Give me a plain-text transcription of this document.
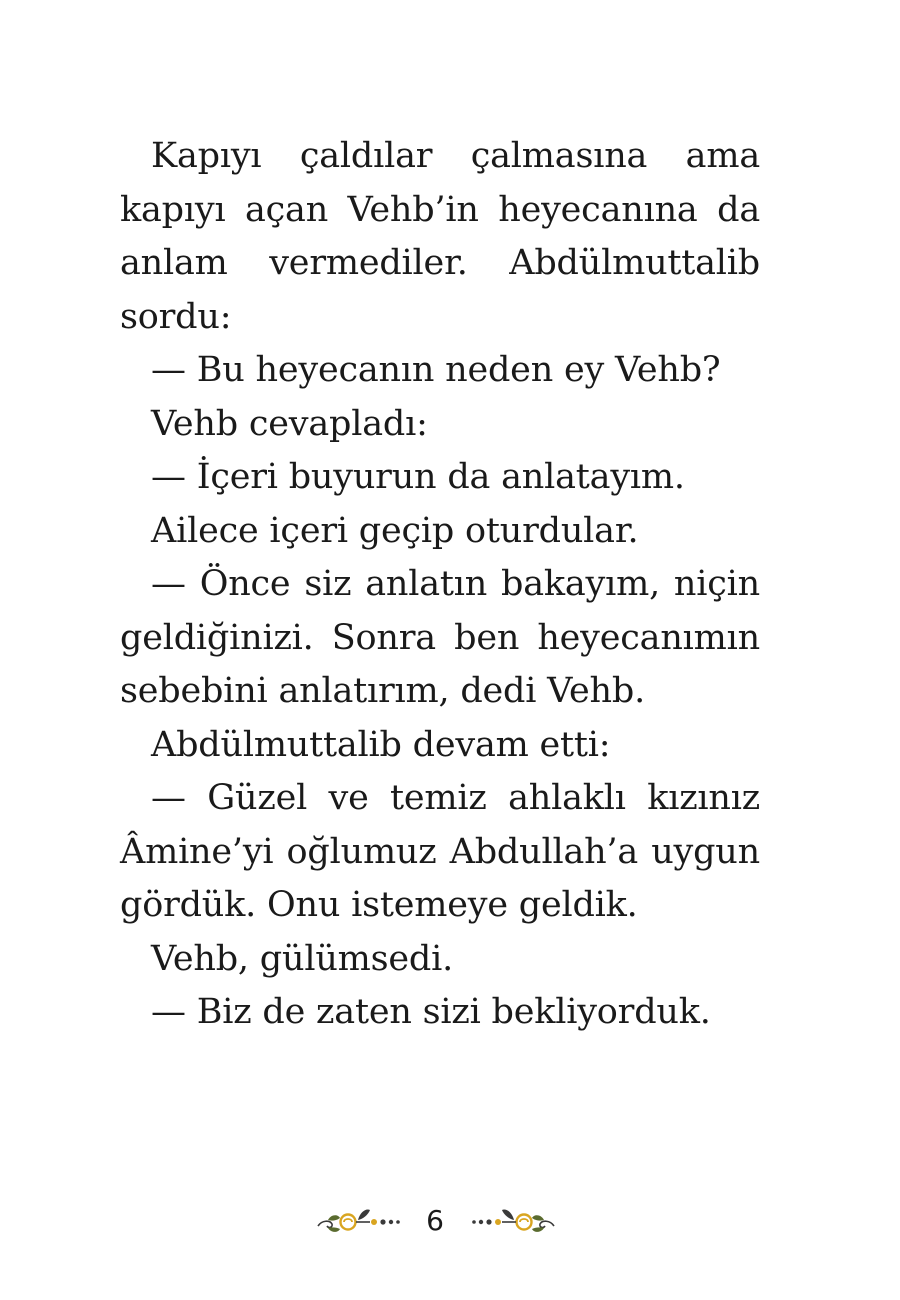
Kapıyı çaldılar çalmasına ama kapıyı açan Vehb’in heyecanına da anlam vermediler. Abdülmuttalib sordu:

— Bu heyecanın neden ey Vehb?

Vehb cevapladı:

— İçeri buyurun da anlatayım.

Ailece içeri geçip oturdular.

— Önce siz anlatın bakayım, niçin geldiğinizi. Sonra ben heyecanımın sebebini anlatırım, dedi Vehb.

Abdülmuttalib devam etti:

— Güzel ve temiz ahlaklı kızınız Âmine’yi oğlumuz Abdullah’a uygun gördük. Onu istemeye geldik.

Vehb, gülümsedi.

— Biz de zaten sizi bekliyorduk.

6
